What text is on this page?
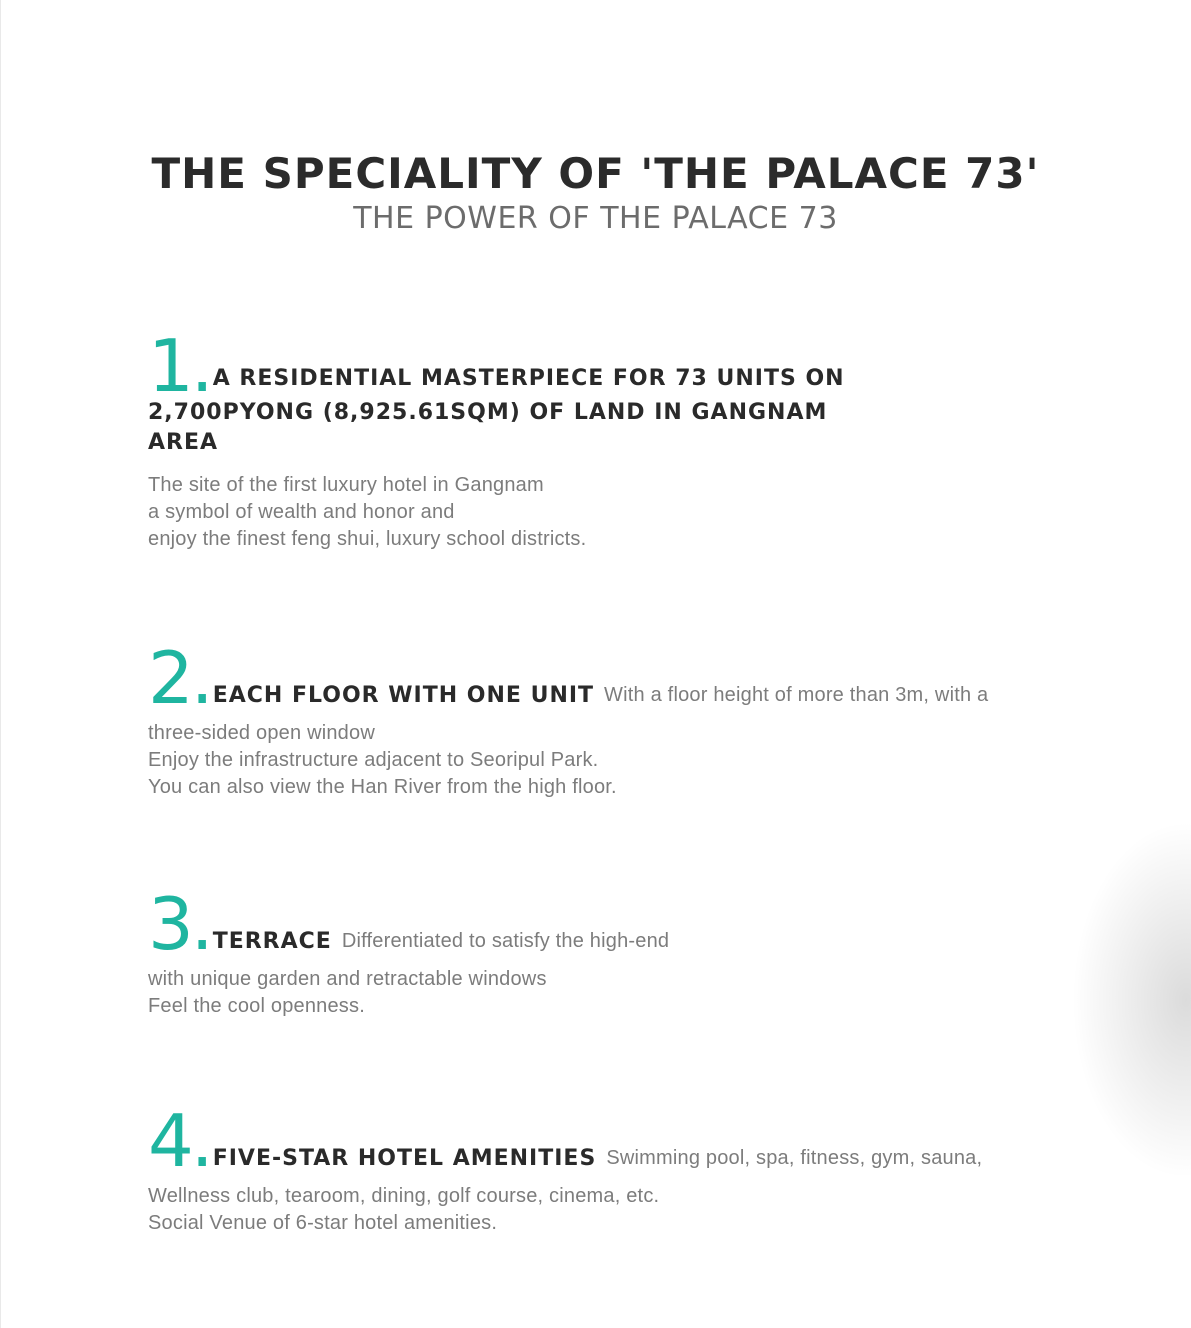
THE SPECIALITY OF 'THE PALACE 73'
THE POWER OF THE PALACE 73
1. A RESIDENTIAL MASTERPIECE FOR 73 UNITS ON
2,700PYONG (8,925.61SQM) OF LAND IN GANGNAM
AREA

The site of the first luxury hotel in Gangnam
a symbol of wealth and honor and
enjoy the finest feng shui, luxury school districts.

2. EACH FLOOR WITH ONE UNIT With a floor height of more than 3m, with a

three-sided open window
Enjoy the infrastructure adjacent to Seoripul Park.
You can also view the Han River from the high floor.

3. TERRACE Differentiated to satisfy the high-end

with unique garden and retractable windows
Feel the cool openness.

4. FIVE-STAR HOTEL AMENITIES Swimming pool, spa, fitness, gym, sauna,

Wellness club, tearoom, dining, golf course, cinema, etc.
Social Venue of 6-star hotel amenities.
